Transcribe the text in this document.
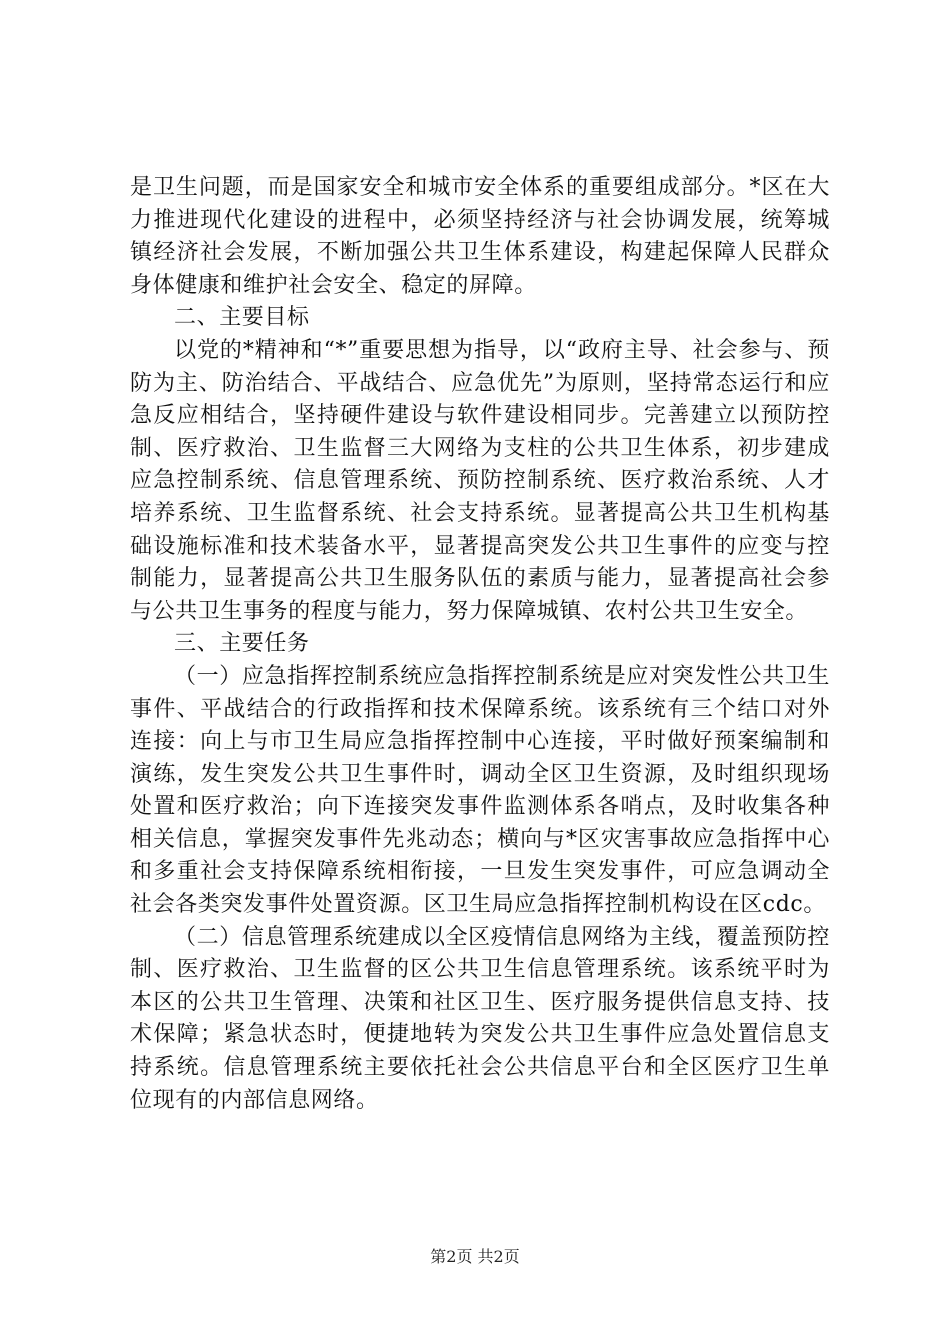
是卫生问题，而是国家安全和城市安全体系的重要组成部分。*区在大力推进现代化建设的进程中，必须坚持经济与社会协调发展，统筹城镇经济社会发展，不断加强公共卫生体系建设，构建起保障人民群众身体健康和维护社会安全、稳定的屏障。

二、主要目标

以党的*精神和“*”重要思想为指导，以“政府主导、社会参与、预防为主、防治结合、平战结合、应急优先”为原则，坚持常态运行和应急反应相结合，坚持硬件建设与软件建设相同步。完善建立以预防控制、医疗救治、卫生监督三大网络为支柱的公共卫生体系，初步建成应急控制系统、信息管理系统、预防控制系统、医疗救治系统、人才培养系统、卫生监督系统、社会支持系统。显著提高公共卫生机构基础设施标准和技术装备水平，显著提高突发公共卫生事件的应变与控制能力，显著提高公共卫生服务队伍的素质与能力，显著提高社会参与公共卫生事务的程度与能力，努力保障城镇、农村公共卫生安全。

三、主要任务

（一）应急指挥控制系统应急指挥控制系统是应对突发性公共卫生事件、平战结合的行政指挥和技术保障系统。该系统有三个结口对外连接：向上与市卫生局应急指挥控制中心连接，平时做好预案编制和演练，发生突发公共卫生事件时，调动全区卫生资源，及时组织现场处置和医疗救治；向下连接突发事件监测体系各哨点，及时收集各种相关信息，掌握突发事件先兆动态；横向与*区灾害事故应急指挥中心和多重社会支持保障系统相衔接，一旦发生突发事件，可应急调动全社会各类突发事件处置资源。区卫生局应急指挥控制机构设在区cdc。

（二）信息管理系统建成以全区疫情信息网络为主线，覆盖预防控制、医疗救治、卫生监督的区公共卫生信息管理系统。该系统平时为本区的公共卫生管理、决策和社区卫生、医疗服务提供信息支持、技术保障；紧急状态时，便捷地转为突发公共卫生事件应急处置信息支持系统。信息管理系统主要依托社会公共信息平台和全区医疗卫生单位现有的内部信息网络。

第2页 共2页
